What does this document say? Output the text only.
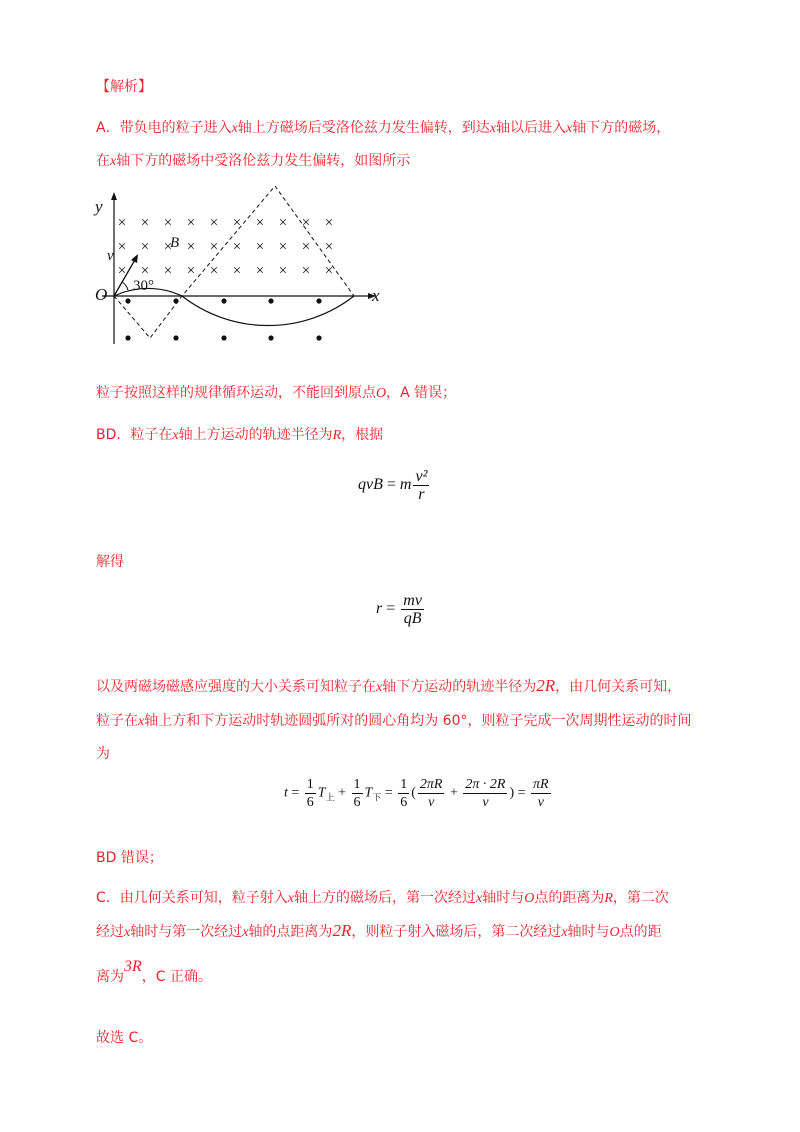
【解析】
A．带负电的粒子进入x轴上方磁场后受洛伦兹力发生偏转，到达x轴以后进入x轴下方的磁场，
在x轴下方的磁场中受洛伦兹力发生偏转，如图所示
y
x
O
× × × × × × × × × ×
× × × × × × × × × ×
× × × × × × × × × ×
v
B
30°
粒子按照这样的规律循环运动，不能回到原点O，A 错误；
BD．粒子在x轴上方运动的轨迹半径为R，根据
qvB = m $\frac{\text{v²}}{r}$
解得
$r = \frac{mv}{qB}$
以及两磁场磁感应强度的大小关系可知粒子在x轴下方运动的轨迹半径为2R，由几何关系可知，
粒子在x轴上方和下方运动时轨迹圆弧所对的圆心角均为 60°，则粒子完成一次周期性运动的时间
为
$t = \frac{1}{6} T_上 + \frac{1}{6} T_下 = \frac{1}{6}$ ( $\frac{2\pi R}{v} + \frac{2\pi \cdot 2R}{v}$ ) = $\frac{\pi R}{v}$
BD 错误；
C．由几何关系可知，粒子射入x轴上方的磁场后，第一次经过x轴时与O点的距离为R，第二次
经过x轴时与第一次经过x轴的点距离为2R，则粒子射入磁场后，第二次经过x轴时与O点的距
离为3R，C 正确。
故选 C。
